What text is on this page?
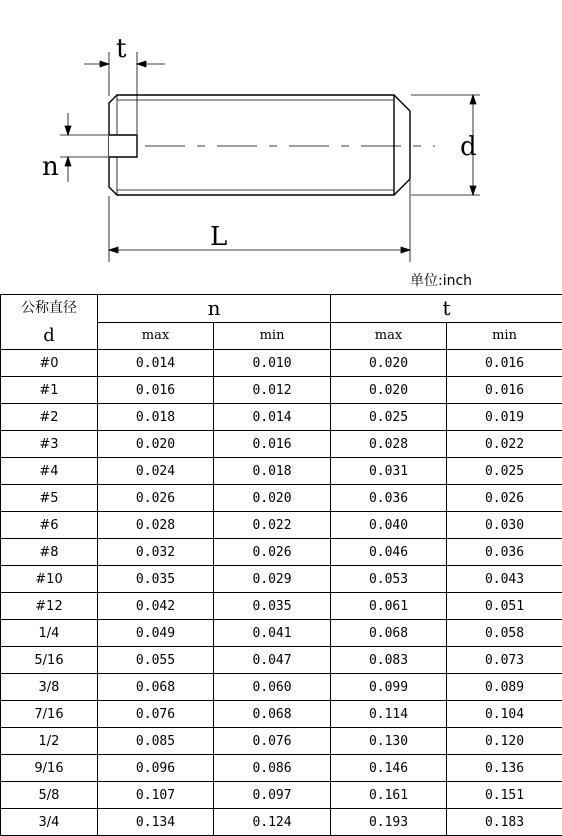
t
n
d
L
单位:inch
公称直径
d	n		t	
	max	min	max	min
#0	0.014	0.010	0.020	0.016
#1	0.016	0.012	0.020	0.016
#2	0.018	0.014	0.025	0.019
#3	0.020	0.016	0.028	0.022
#4	0.024	0.018	0.031	0.025
#5	0.026	0.020	0.036	0.026
#6	0.028	0.022	0.040	0.030
#8	0.032	0.026	0.046	0.036
#10	0.035	0.029	0.053	0.043
#12	0.042	0.035	0.061	0.051
1/4	0.049	0.041	0.068	0.058
5/16	0.055	0.047	0.083	0.073
3/8	0.068	0.060	0.099	0.089
7/16	0.076	0.068	0.114	0.104
1/2	0.085	0.076	0.130	0.120
9/16	0.096	0.086	0.146	0.136
5/8	0.107	0.097	0.161	0.151
3/4	0.134	0.124	0.193	0.183
